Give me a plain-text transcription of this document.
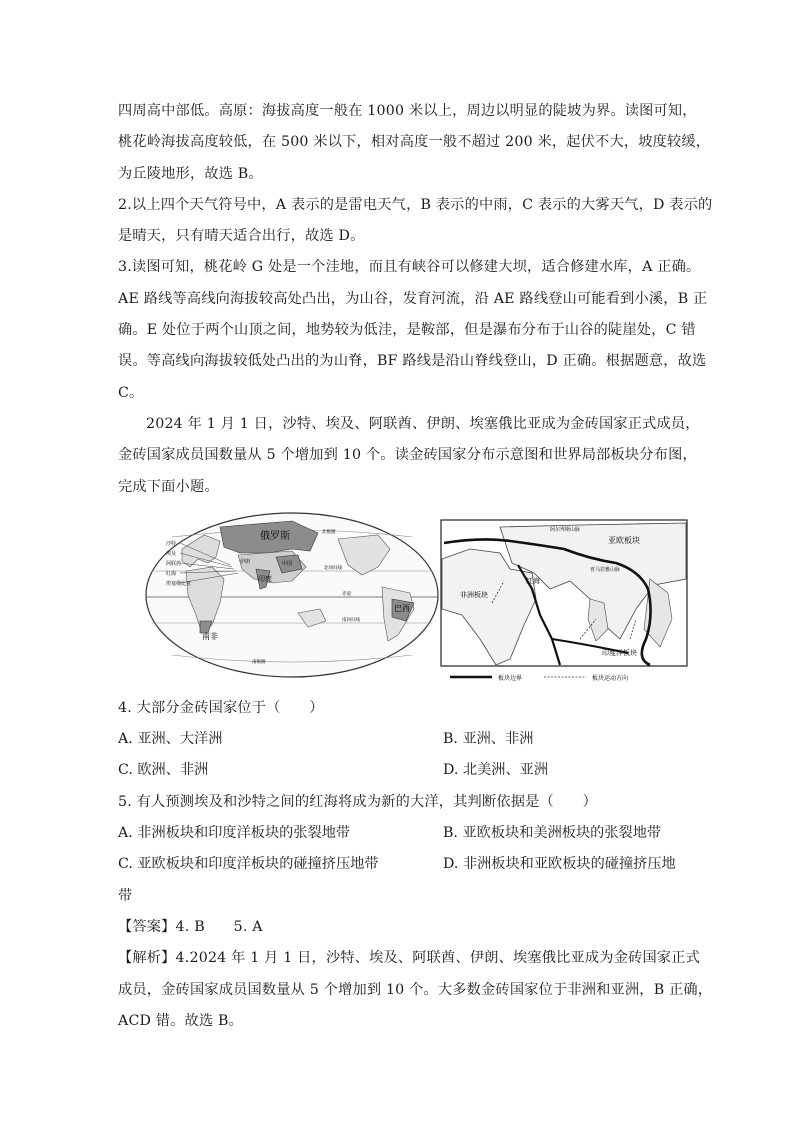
四周高中部低。高原：海拔高度一般在 1000 米以上，周边以明显的陡坡为界。读图可知，
桃花岭海拔高度较低，在 500 米以下，相对高度一般不超过 200 米，起伏不大，坡度较缓，
为丘陵地形，故选 B。
2.以上四个天气符号中，A 表示的是雷电天气，B 表示的中雨，C 表示的大雾天气，D 表示的
是晴天，只有晴天适合出行，故选 D。
3.读图可知，桃花岭 G 处是一个洼地，而且有峡谷可以修建大坝，适合修建水库，A 正确。
AE 路线等高线向海拔较高处凸出，为山谷，发育河流，沿 AE 路线登山可能看到小溪，B 正
确。E 处位于两个山顶之间，地势较为低洼，是鞍部，但是瀑布分布于山谷的陡崖处，C 错
误。等高线向海拔较低处凸出的为山脊，BF 路线是沿山脊线登山，D 正确。根据题意，故选
C。
2024 年 1 月 1 日，沙特、埃及、阿联酋、伊朗、埃塞俄比亚成为金砖国家正式成员，
金砖国家成员国数量从 5 个增加到 10 个。读金砖国家分布示意图和世界局部板块分布图，
完成下面小题。
俄罗斯
印度
巴西
南非
沙特
埃及
阿联酋
红海
埃塞俄比亚
中国
伊朗
北极圈
北回归线
赤道
南回归线
南极圈
亚欧板块
非洲板块
印度洋板块
红海
阿尔卑斯山脉
喜马拉雅山脉
板块边界	板块运动方向
4. 大部分金砖国家位于（　　）
A. 亚洲、大洋洲	B. 亚洲、非洲
C. 欧洲、非洲	D. 北美洲、亚洲
5. 有人预测埃及和沙特之间的红海将成为新的大洋，其判断依据是（　　）
A. 非洲板块和印度洋板块的张裂地带	B. 亚欧板块和美洲板块的张裂地带
C. 亚欧板块和印度洋板块的碰撞挤压地带	D. 非洲板块和亚欧板块的碰撞挤压地
带
【答案】4. B　　5. A
【解析】4.2024 年 1 月 1 日，沙特、埃及、阿联酋、伊朗、埃塞俄比亚成为金砖国家正式
成员，金砖国家成员国数量从 5 个增加到 10 个。大多数金砖国家位于非洲和亚洲，B 正确，
ACD 错。故选 B。
